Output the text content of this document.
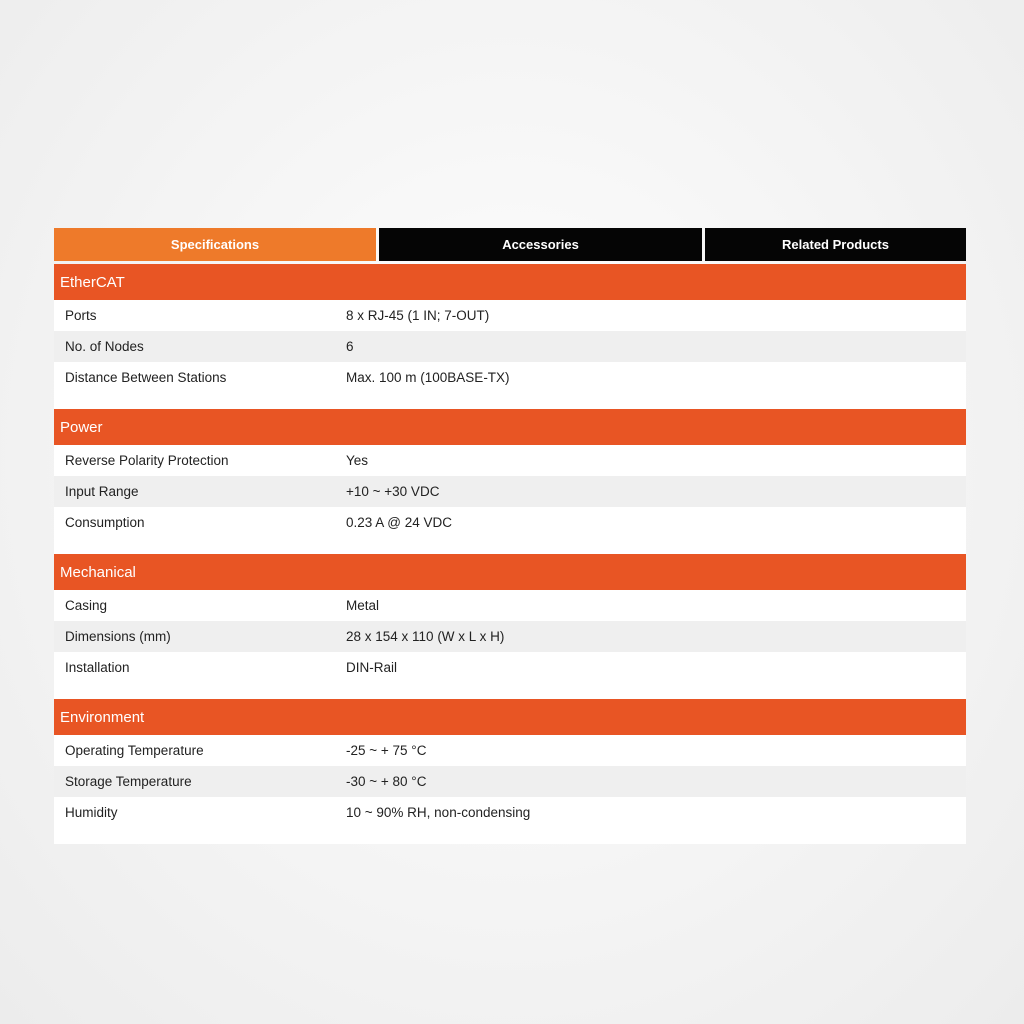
Specifications	Accessories	Related Products
EtherCAT
Ports	8 x RJ-45 (1 IN; 7-OUT)
No. of Nodes	6
Distance Between Stations	Max. 100 m (100BASE-TX)
Power
Reverse Polarity Protection	Yes
Input Range	+10 ~ +30 VDC
Consumption	0.23 A @ 24 VDC
Mechanical
Casing	Metal
Dimensions (mm)	28 x 154 x 110 (W x L x H)
Installation	DIN-Rail
Environment
Operating Temperature	-25 ~ + 75 °C
Storage Temperature	-30 ~ + 80 °C
Humidity	10 ~ 90% RH, non-condensing
